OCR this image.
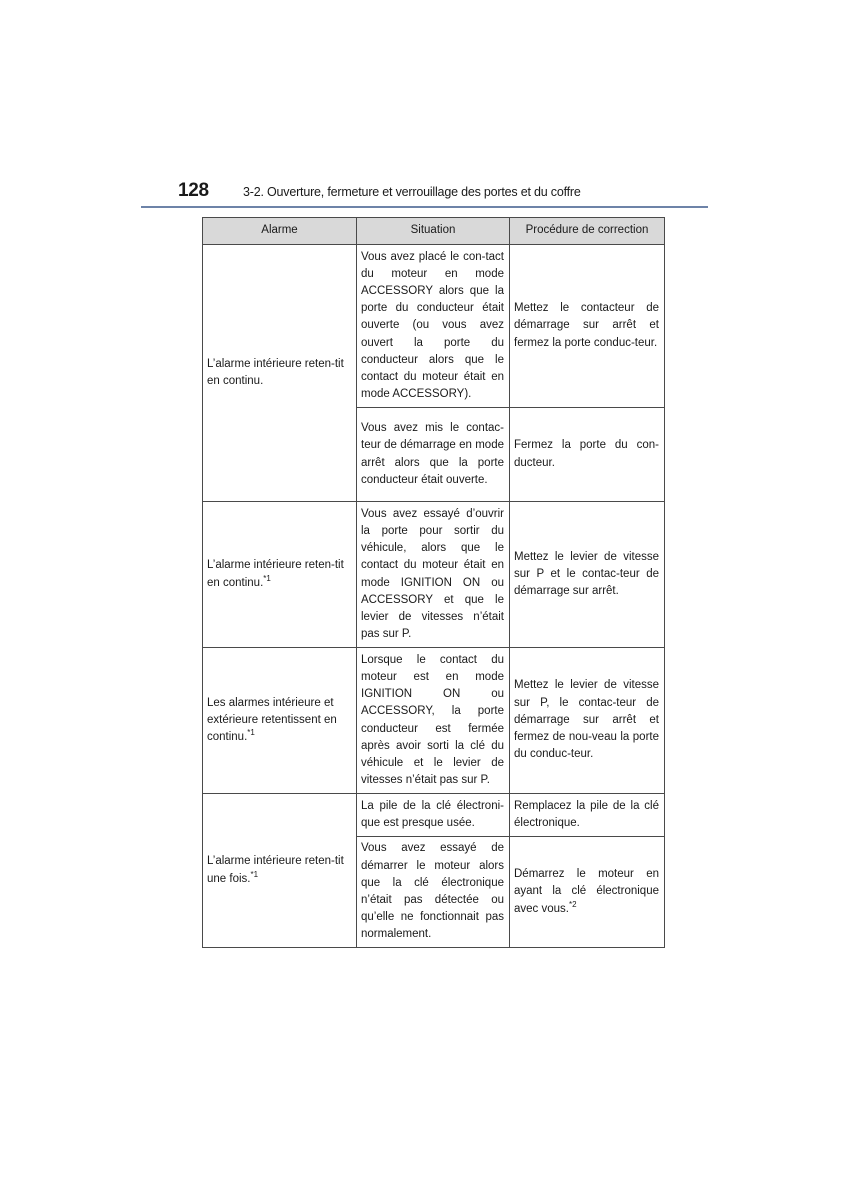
128	3-2. Ouverture, fermeture et verrouillage des portes et du coffre
Alarme	Situation	Procédure de correction
L’alarme intérieure reten-tit en continu.	Vous avez placé le con-tact du moteur en mode ACCESSORY alors que la porte du conducteur était ouverte (ou vous avez ouvert la porte du conducteur alors que le contact du moteur était en mode ACCESSORY).	Mettez le contacteur de démarrage sur arrêt et fermez la porte conduc-teur.
	Vous avez mis le contac-teur de démarrage en mode arrêt alors que la porte conducteur était ouverte.	Fermez la porte du con-ducteur.
L’alarme intérieure reten-tit en continu.$^{*1}$	Vous avez essayé d’ouvrir la porte pour sortir du véhicule, alors que le contact du moteur était en mode IGNITION ON ou ACCESSORY et que le levier de vitesses n’était pas sur P.	Mettez le levier de vitesse sur P et le contac-teur de démarrage sur arrêt.
Les alarmes intérieure et extérieure retentissent en continu.$^{*1}$	Lorsque le contact du moteur est en mode IGNITION ON ou ACCESSORY, la porte conducteur est fermée après avoir sorti la clé du véhicule et le levier de vitesses n’était pas sur P.	Mettez le levier de vitesse sur P, le contac-teur de démarrage sur arrêt et fermez de nou-veau la porte du conduc-teur.
L’alarme intérieure reten-tit une fois.$^{*1}$	La pile de la clé électroni-que est presque usée.	Remplacez la pile de la clé électronique.
	Vous avez essayé de démarrer le moteur alors que la clé électronique n’était pas détectée ou qu’elle ne fonctionnait pas normalement.	Démarrez le moteur en ayant la clé électronique avec vous.$^{*2}$
